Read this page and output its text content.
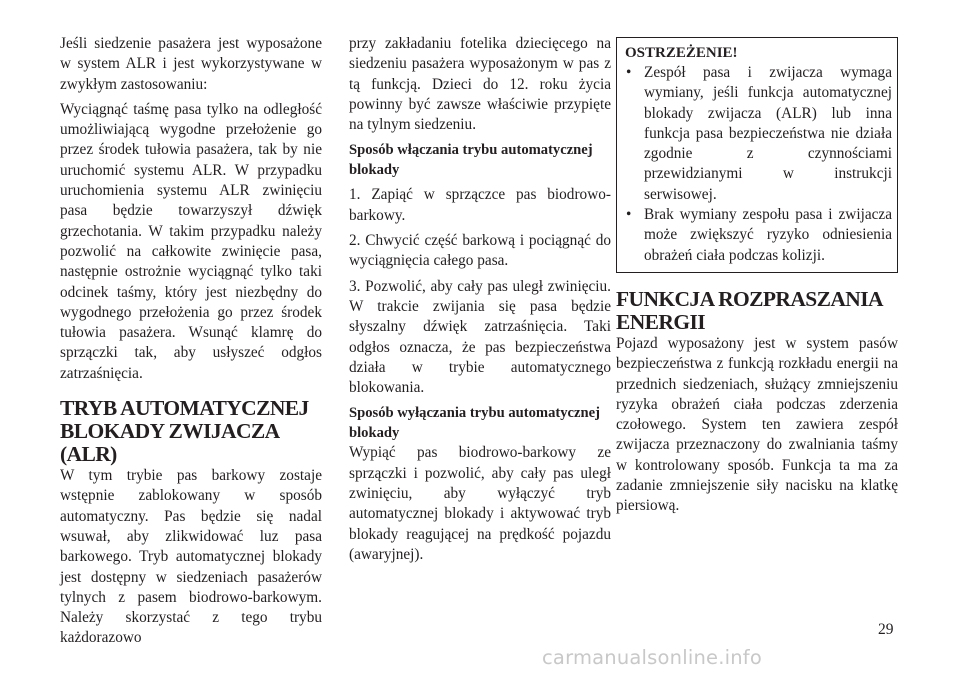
Jeśli siedzenie pasażera jest wyposażone w system ALR i jest wykorzystywane w zwykłym zastosowaniu:

Wyciągnąć taśmę pasa tylko na odległość umożliwiającą wygodne przełożenie go przez środek tułowia pasażera, tak by nie uruchomić systemu ALR. W przypadku uruchomienia systemu ALR zwinięciu pasa będzie towarzyszył dźwięk grzechotania. W takim przypadku należy pozwolić na całkowite zwinięcie pasa, następnie ostrożnie wyciągnąć tylko taki odcinek taśmy, który jest niezbędny do wygodnego przełożenia go przez środek tułowia pasażera. Wsunąć klamrę do sprzączki tak, aby usłyszeć odgłos zatrzaśnięcia.

TRYB AUTOMATYCZNEJ BLOKADY ZWIJACZA (ALR)

W tym trybie pas barkowy zostaje wstępnie zablokowany w sposób automatyczny. Pas będzie się nadal wsuwał, aby zlikwidować luz pasa barkowego. Tryb automatycznej blokady jest dostępny w siedzeniach pasażerów tylnych z pasem biodrowo-barkowym. Należy skorzystać z tego trybu każdorazowo

przy zakładaniu fotelika dziecięcego na siedzeniu pasażera wyposażonym w pas z tą funkcją. Dzieci do 12. roku życia powinny być zawsze właściwie przypięte na tylnym siedzeniu.

Sposób włączania trybu automatycznej blokady

1. Zapiąć w sprzączce pas biodrowo-barkowy.

2. Chwycić część barkową i pociągnąć do wyciągnięcia całego pasa.

3. Pozwolić, aby cały pas uległ zwinięciu. W trakcie zwijania się pasa będzie słyszalny dźwięk zatrzaśnięcia. Taki odgłos oznacza, że pas bezpieczeństwa działa w trybie automatycznego blokowania.

Sposób wyłączania trybu automatycznej blokady

Wypiąć pas biodrowo-barkowy ze sprzączki i pozwolić, aby cały pas uległ zwinięciu, aby wyłączyć tryb automatycznej blokady i aktywować tryb blokady reagującej na prędkość pojazdu (awaryjnej).

OSTRZEŻENIE!

• Zespół pasa i zwijacza wymaga wymiany, jeśli funkcja automatycznej blokady zwijacza (ALR) lub inna funkcja pasa bezpieczeństwa nie działa zgodnie z czynnościami przewidzianymi w instrukcji serwisowej.
• Brak wymiany zespołu pasa i zwijacza może zwiększyć ryzyko odniesienia obrażeń ciała podczas kolizji.
FUNKCJA ROZPRASZANIA ENERGII

Pojazd wyposażony jest w system pasów bezpieczeństwa z funkcją rozkładu energii na przednich siedzeniach, służący zmniejszeniu ryzyka obrażeń ciała podczas zderzenia czołowego. System ten zawiera zespół zwijacza przeznaczony do zwalniania taśmy w kontrolowany sposób. Funkcja ta ma za zadanie zmniejszenie siły nacisku na klatkę piersiową.

29
carmanualsonline.info
